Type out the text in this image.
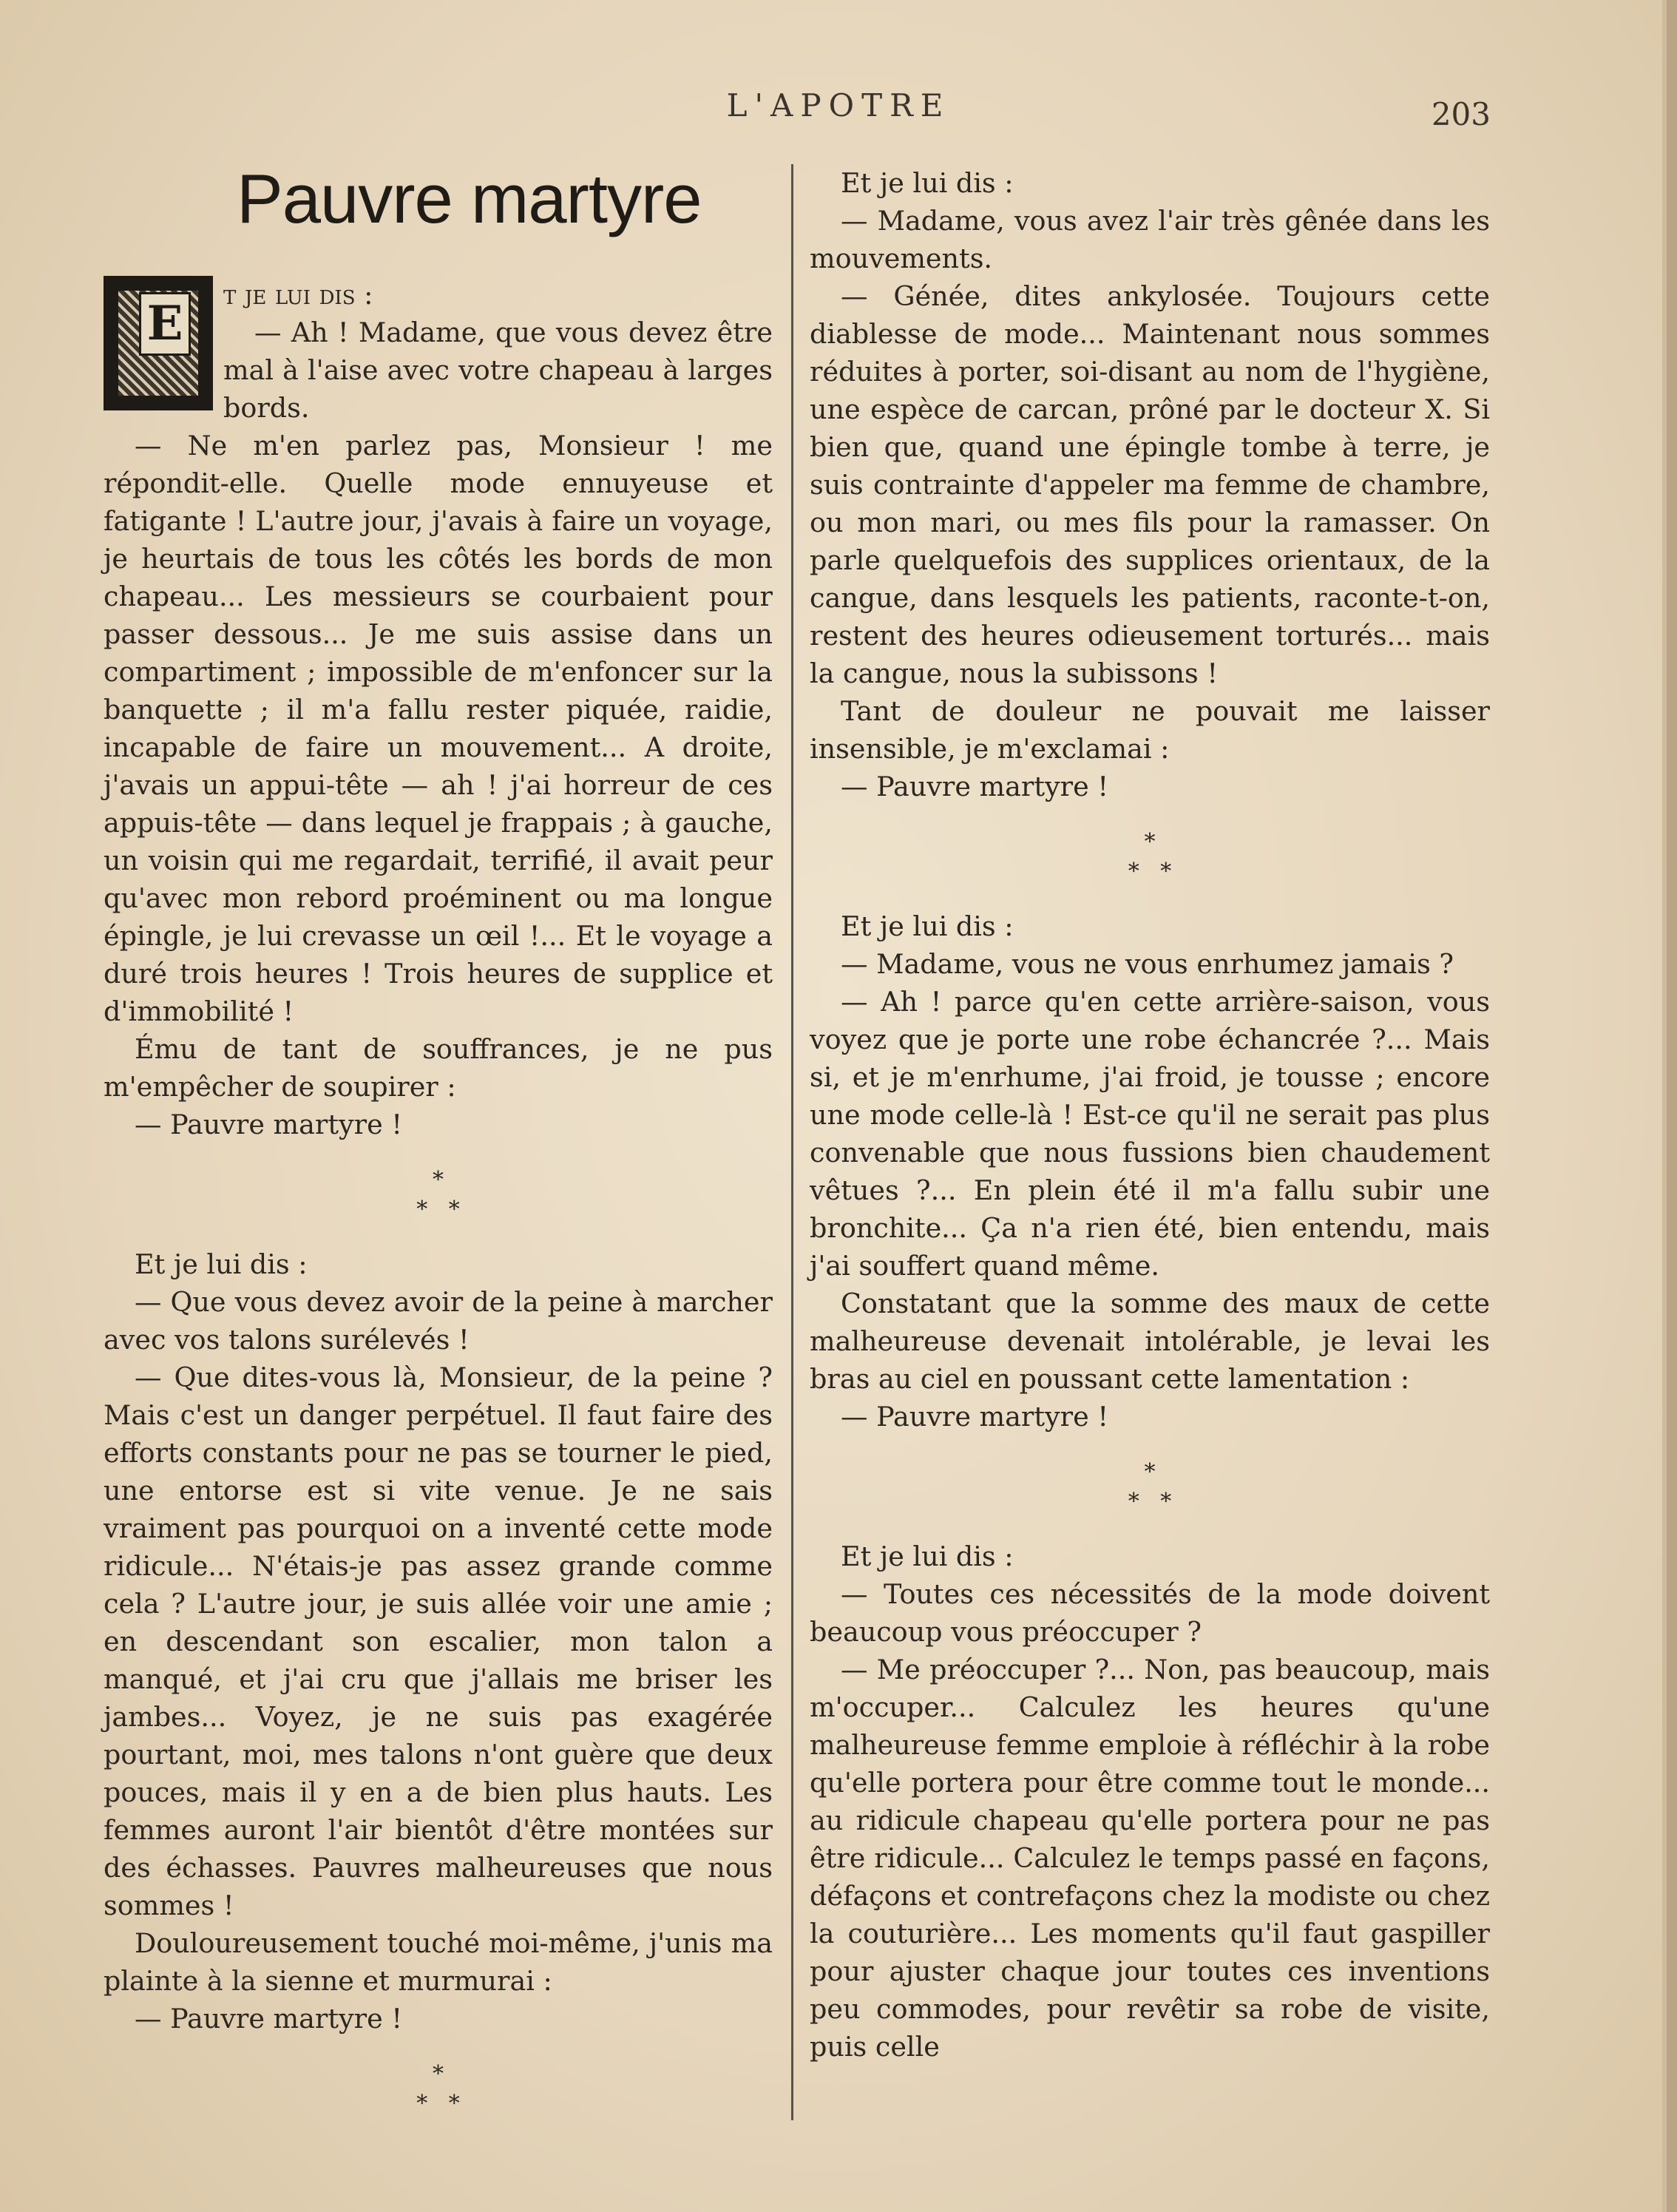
L'APOTRE	203
Pauvre martyre
E

t je lui dis :

— Ah ! Madame, que vous devez être mal à l'aise avec votre chapeau à larges bords.

— Ne m'en parlez pas, Monsieur ! me répondit-elle. Quelle mode ennuyeuse et fatigante ! L'autre jour, j'avais à faire un voyage, je heurtais de tous les côtés les bords de mon chapeau... Les messieurs se courbaient pour passer dessous... Je me suis assise dans un compartiment ; impossible de m'enfoncer sur la banquette ; il m'a fallu rester piquée, raidie, incapable de faire un mouvement... A droite, j'avais un appui-tête — ah ! j'ai horreur de ces appuis-tête — dans lequel je frappais ; à gauche, un voisin qui me regardait, terrifié, il avait peur qu'avec mon rebord proéminent ou ma longue épingle, je lui crevasse un œil !... Et le voyage a duré trois heures ! Trois heures de supplice et d'immobilité !

Ému de tant de souffrances, je ne pus m'empêcher de soupirer :

— Pauvre martyre !

*
*   *

Et je lui dis :

— Que vous devez avoir de la peine à marcher avec vos talons surélevés !

— Que dites-vous là, Monsieur, de la peine ? Mais c'est un danger perpétuel. Il faut faire des efforts constants pour ne pas se tourner le pied, une entorse est si vite venue. Je ne sais vraiment pas pourquoi on a inventé cette mode ridicule... N'étais-je pas assez grande comme cela ? L'autre jour, je suis allée voir une amie ; en descendant son escalier, mon talon a manqué, et j'ai cru que j'allais me briser les jambes... Voyez, je ne suis pas exagérée pourtant, moi, mes talons n'ont guère que deux pouces, mais il y en a de bien plus hauts. Les femmes auront l'air bientôt d'être montées sur des échasses. Pauvres malheureuses que nous sommes !

Douloureusement touché moi-même, j'unis ma plainte à la sienne et murmurai :

— Pauvre martyre !

*
*   *

Et je lui dis :

— Madame, vous avez l'air très gênée dans les mouvements.

— Génée, dites ankylosée. Toujours cette diablesse de mode... Maintenant nous sommes réduites à porter, soi-disant au nom de l'hygiène, une espèce de carcan, prôné par le docteur X. Si bien que, quand une épingle tombe à terre, je suis contrainte d'appeler ma femme de chambre, ou mon mari, ou mes fils pour la ramasser. On parle quelquefois des supplices orientaux, de la cangue, dans lesquels les patients, raconte-t-on, restent des heures odieusement torturés... mais la cangue, nous la subissons !

Tant de douleur ne pouvait me laisser insensible, je m'exclamai :

— Pauvre martyre !

*
*   *

Et je lui dis :

— Madame, vous ne vous enrhumez jamais ?

— Ah ! parce qu'en cette arrière-saison, vous voyez que je porte une robe échancrée ?... Mais si, et je m'enrhume, j'ai froid, je tousse ; encore une mode celle-là ! Est-ce qu'il ne serait pas plus convenable que nous fussions bien chaudement vêtues ?... En plein été il m'a fallu subir une bronchite... Ça n'a rien été, bien entendu, mais j'ai souffert quand même.

Constatant que la somme des maux de cette malheureuse devenait intolérable, je levai les bras au ciel en poussant cette lamentation :

— Pauvre martyre !

*
*   *

Et je lui dis :

— Toutes ces nécessités de la mode doivent beaucoup vous préoccuper ?

— Me préoccuper ?... Non, pas beaucoup, mais m'occuper... Calculez les heures qu'une malheureuse femme emploie à réfléchir à la robe qu'elle portera pour être comme tout le monde... au ridicule chapeau qu'elle portera pour ne pas être ridicule... Calculez le temps passé en façons, défaçons et contrefaçons chez la modiste ou chez la couturière... Les moments qu'il faut gaspiller pour ajuster chaque jour toutes ces inventions peu commodes, pour revêtir sa robe de visite, puis celle
